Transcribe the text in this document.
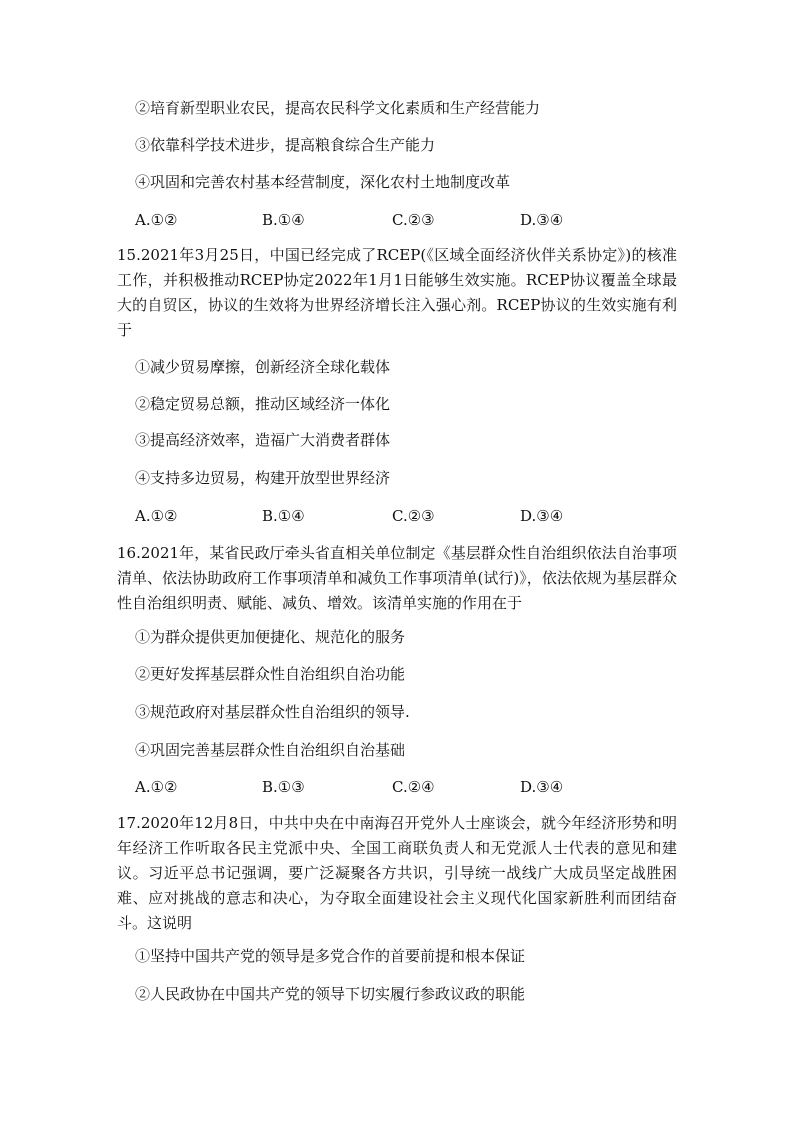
②培育新型职业农民，提高农民科学文化素质和生产经营能力
③依靠科学技术进步，提高粮食综合生产能力
④巩固和完善农村基本经营制度，深化农村土地制度改革
A.①②	B.①④	C.②③	D.③④
15.2021年3月25日，中国已经完成了RCEP(《区域全面经济伙伴关系协定》)的核准工作，并积极推动RCEP协定2022年1月1日能够生效实施。RCEP协议覆盖全球最大的自贸区，协议的生效将为世界经济增长注入强心剂。RCEP协议的生效实施有利于
①减少贸易摩擦，创新经济全球化载体
②稳定贸易总额，推动区域经济一体化
③提高经济效率，造福广大消费者群体
④支持多边贸易，构建开放型世界经济
A.①②	B.①④	C.②③	D.③④
16.2021年，某省民政厅牵头省直相关单位制定《基层群众性自治组织依法自治事项清单、依法协助政府工作事项清单和减负工作事项清单(试行)》，依法依规为基层群众性自治组织明责、赋能、减负、增效。该清单实施的作用在于
①为群众提供更加便捷化、规范化的服务
②更好发挥基层群众性自治组织自治功能
③规范政府对基层群众性自治组织的领导.
④巩固完善基层群众性自治组织自治基础
A.①②	B.①③	C.②④	D.③④
17.2020年12月8日，中共中央在中南海召开党外人士座谈会，就今年经济形势和明年经济工作听取各民主党派中央、全国工商联负责人和无党派人士代表的意见和建议。习近平总书记强调，要广泛凝聚各方共识，引导统一战线广大成员坚定战胜困难、应对挑战的意志和决心，为夺取全面建设社会主义现代化国家新胜利而团结奋斗。这说明
①坚持中国共产党的领导是多党合作的首要前提和根本保证
②人民政协在中国共产党的领导下切实履行参政议政的职能
